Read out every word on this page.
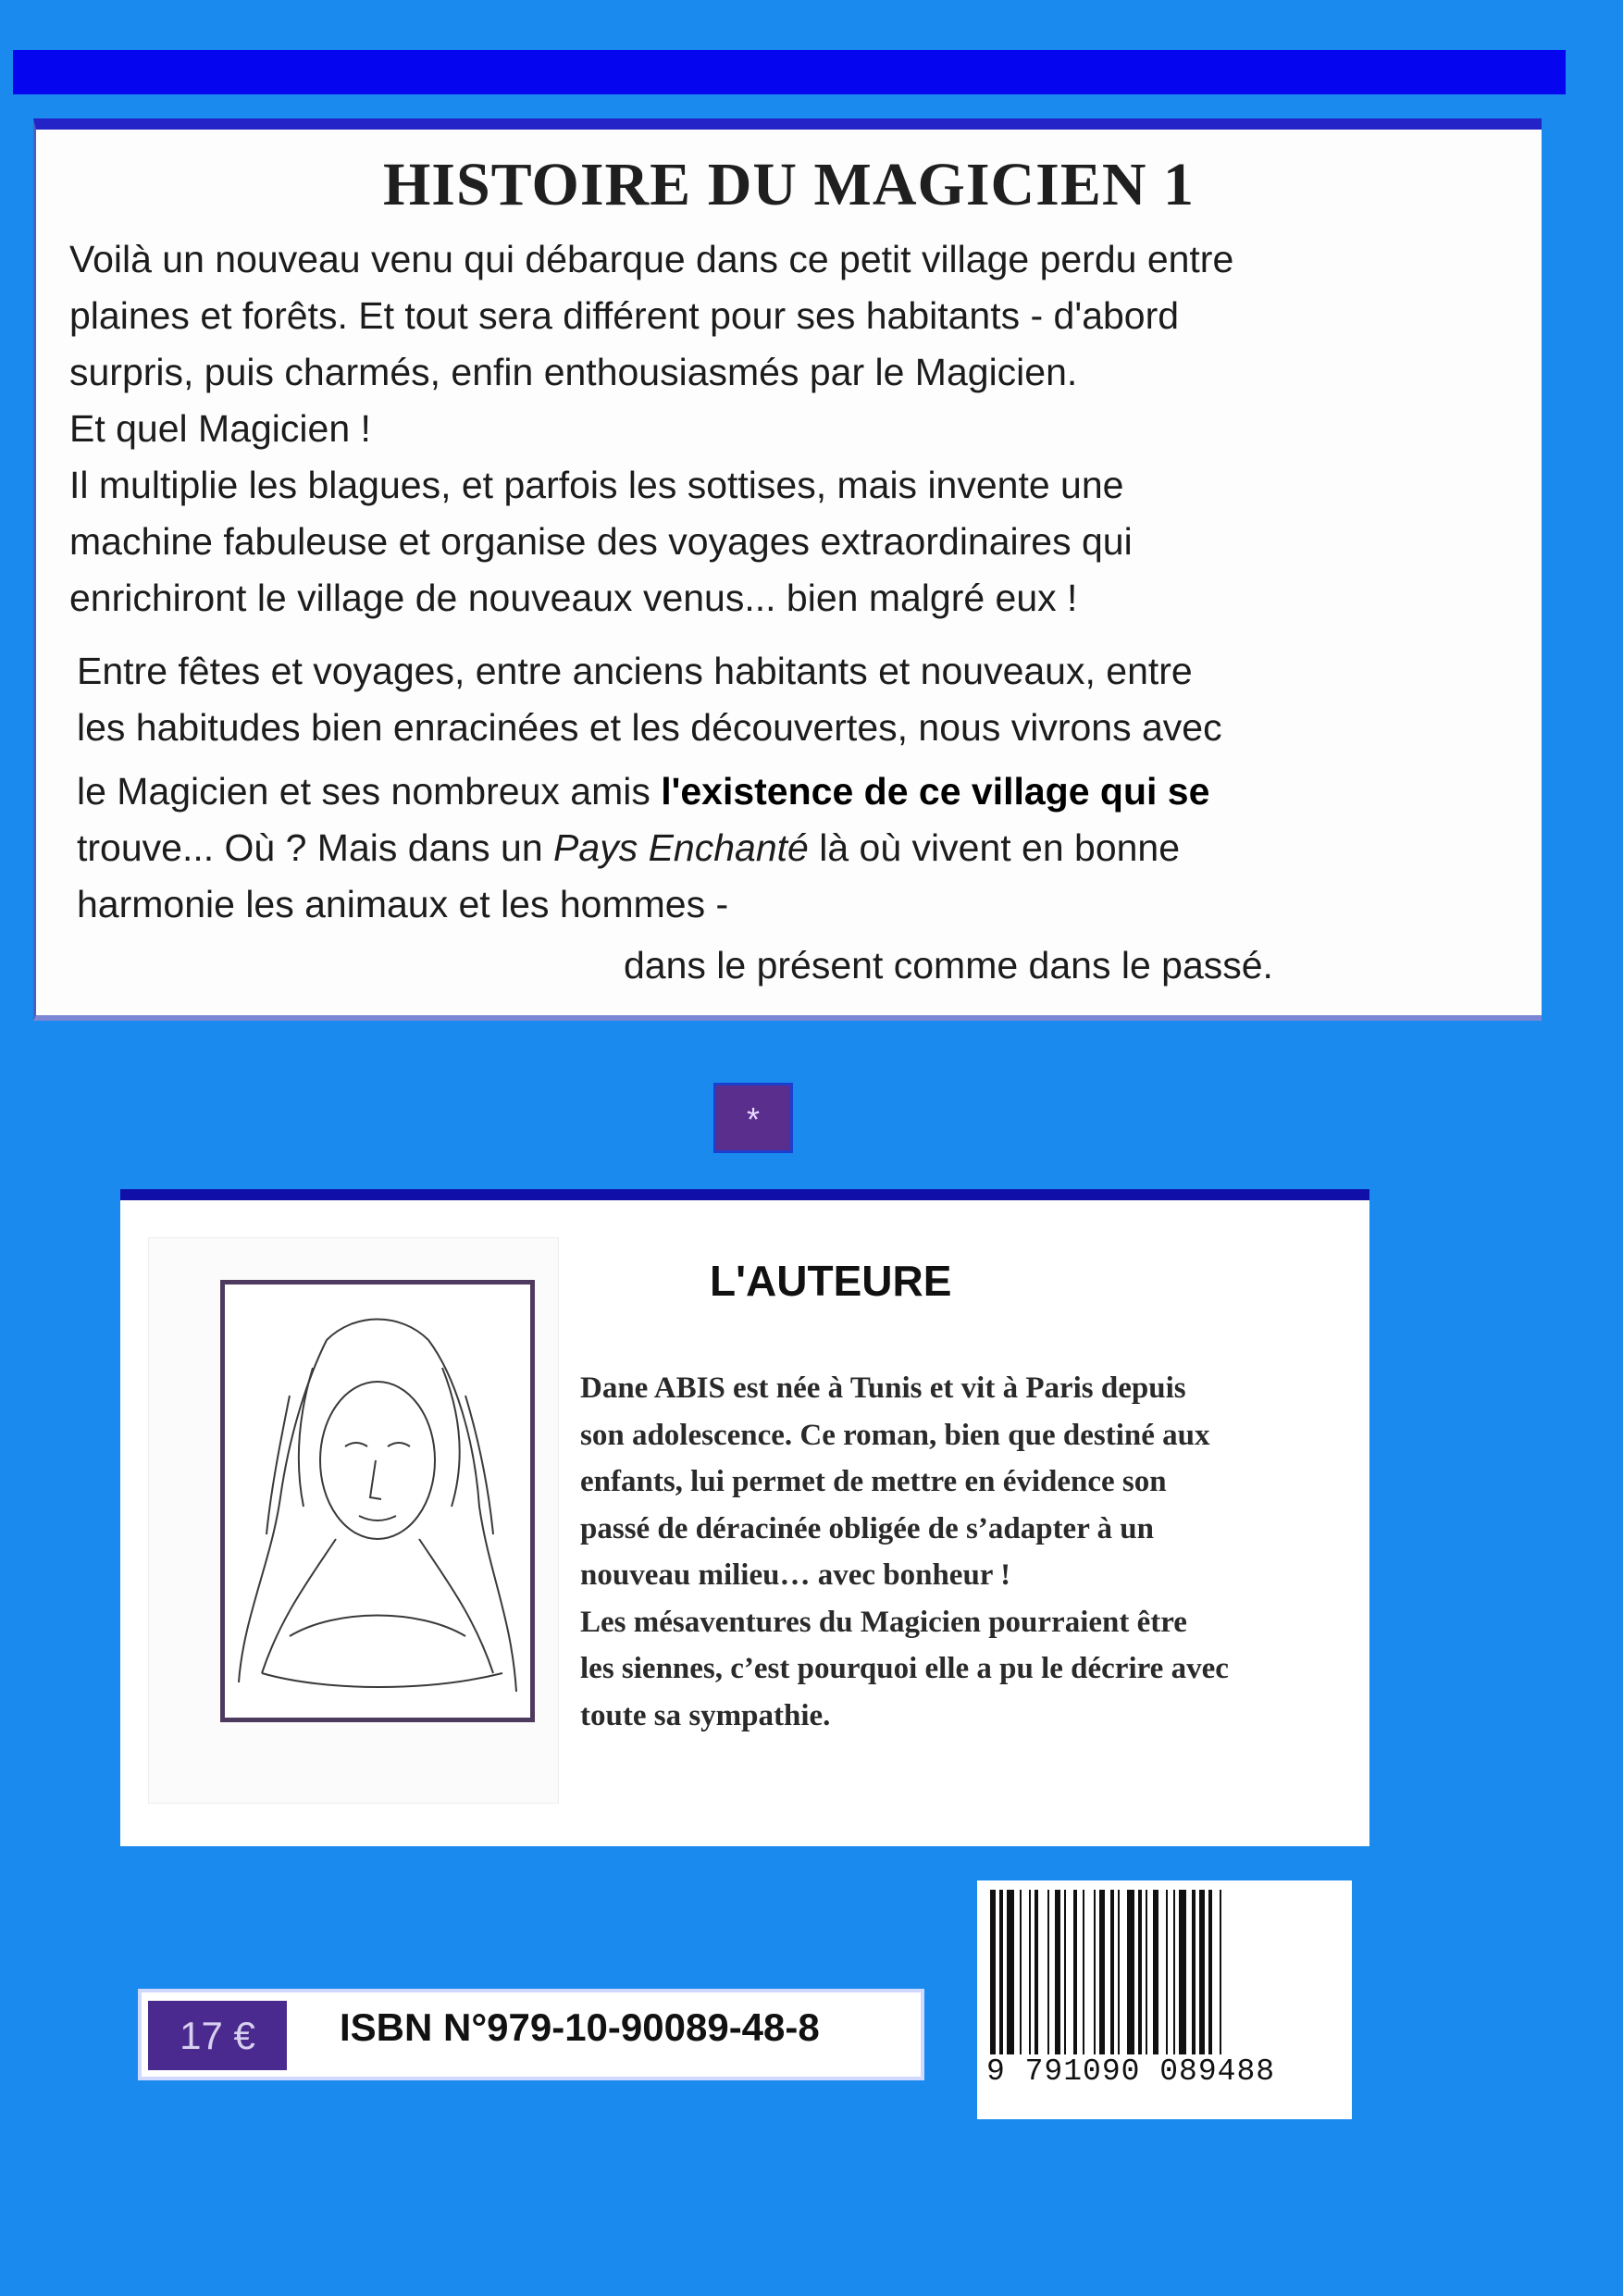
HISTOIRE DU MAGICIEN 1
Voilà un nouveau venu qui débarque dans ce petit village perdu entre
plaines et forêts. Et tout sera différent pour ses habitants - d'abord
surpris, puis charmés, enfin enthousiasmés par le Magicien.
Et quel Magicien !
Il multiplie les blagues, et parfois les sottises, mais invente une
machine fabuleuse et organise des voyages extraordinaires qui
enrichiront le village de nouveaux venus... bien malgré eux !
Entre fêtes et voyages, entre anciens habitants et nouveaux, entre
les habitudes bien enracinées et les découvertes, nous vivrons avec
le Magicien et ses nombreux amis l'existence de ce village qui se
trouve... Où ? Mais dans un Pays Enchanté là où vivent en bonne
harmonie les animaux et les hommes -
dans le présent comme dans le passé.
*
L'AUTEURE
Dane ABIS est née à Tunis et vit à Paris depuis
son adolescence. Ce roman, bien que destiné aux
enfants, lui permet de mettre en évidence son
passé de déracinée obligée de s’adapter à un
nouveau milieu… avec bonheur !
Les mésaventures du Magicien pourraient être
les siennes, c’est pourquoi elle a pu le décrire avec
toute sa sympathie.
17 €	ISBN N°979-10-90089-48-8
9 791090 089488
